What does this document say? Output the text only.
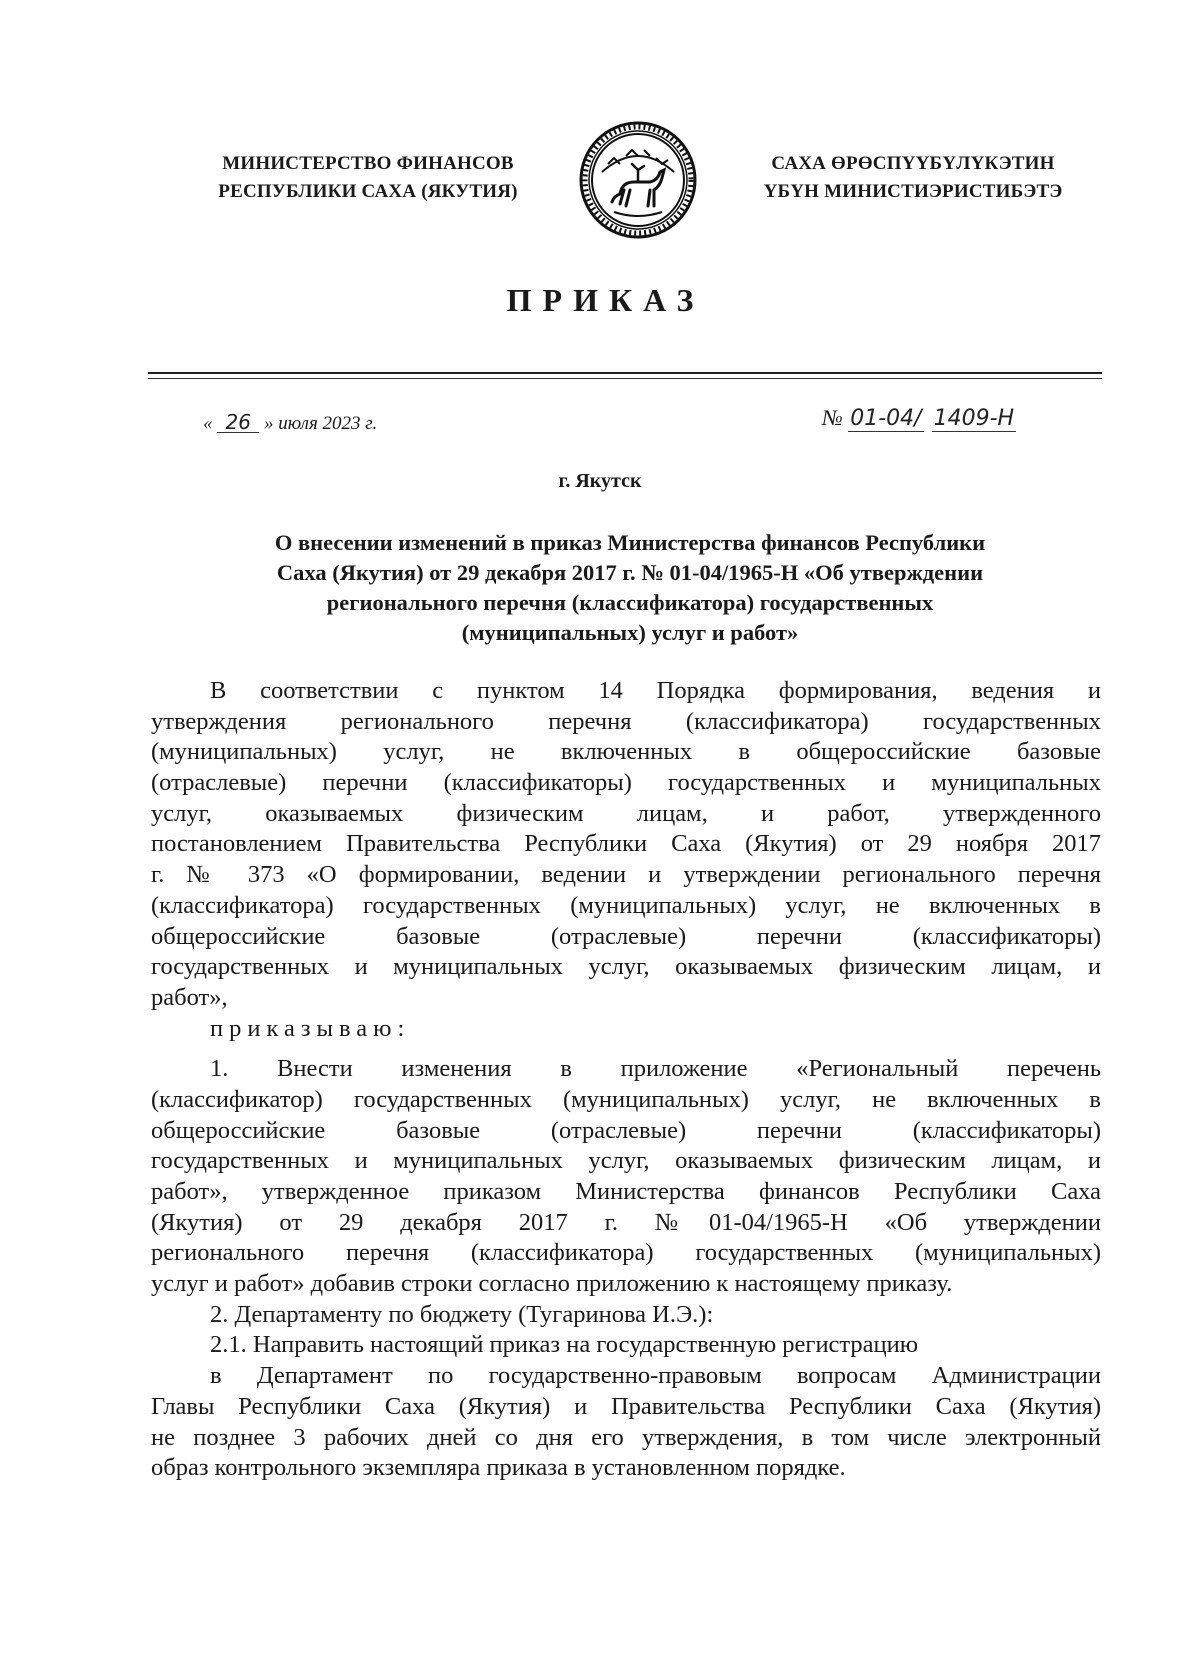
МИНИСТЕРСТВО ФИНАНСОВ
РЕСПУБЛИКИ САХА (ЯКУТИЯ)
САХА ӨРӨСПҮҮБҮЛҮКЭТИН
ҮБҮН МИНИСТИЭРИСТИБЭТЭ
ПРИКАЗ
« 26 » июля 2023 г.	№ 01-04/ 1409-Н
г. Якутск
О внесении изменений в приказ Министерства финансов Республики
Саха (Якутия) от 29 декабря 2017 г. № 01-04/1965-Н «Об утверждении
регионального перечня (классификатора) государственных
(муниципальных) услуг и работ»
В соответствии с пунктом 14 Порядка формирования, ведения и
утверждения регионального перечня (классификатора) государственных
(муниципальных) услуг, не включенных в общероссийские базовые
(отраслевые) перечни (классификаторы) государственных и муниципальных
услуг, оказываемых физическим лицам, и работ, утвержденного
постановлением Правительства Республики Саха (Якутия) от 29 ноября 2017
г. № 373 «О формировании, ведении и утверждении регионального перечня
(классификатора) государственных (муниципальных) услуг, не включенных в
общероссийские базовые (отраслевые) перечни (классификаторы)
государственных и муниципальных услуг, оказываемых физическим лицам, и
работ»,
приказываю:
1. Внести изменения в приложение «Региональный перечень
(классификатор) государственных (муниципальных) услуг, не включенных в
общероссийские базовые (отраслевые) перечни (классификаторы)
государственных и муниципальных услуг, оказываемых физическим лицам, и
работ», утвержденное приказом Министерства финансов Республики Саха
(Якутия) от 29 декабря 2017 г. №01-04/1965-Н «Об утверждении
регионального перечня (классификатора) государственных (муниципальных)
услуг и работ» добавив строки согласно приложению к настоящему приказу.
2. Департаменту по бюджету (Тугаринова И.Э.):
2.1. Направить настоящий приказ на государственную регистрацию
в Департамент по государственно-правовым вопросам Администрации
Главы Республики Саха (Якутия) и Правительства Республики Саха (Якутия)
не позднее 3 рабочих дней со дня его утверждения, в том числе электронный
образ контрольного экземпляра приказа в установленном порядке.
